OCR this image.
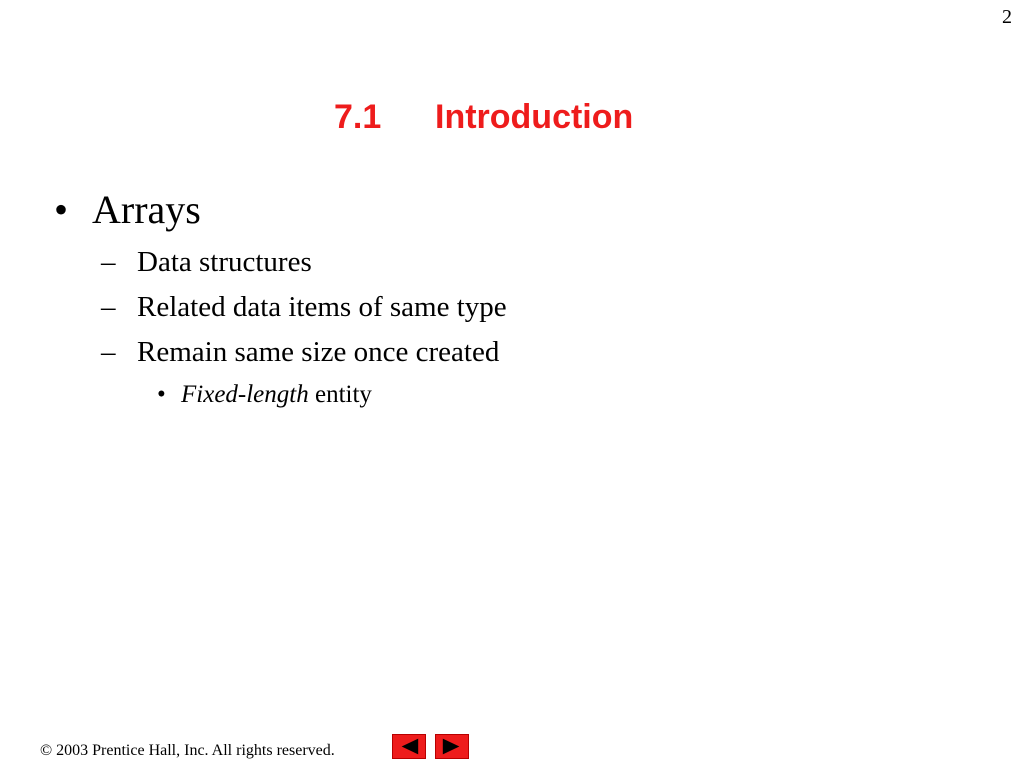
2
7.1 Introduction
• Arrays
– Data structures
– Related data items of same type
– Remain same size once created
• Fixed-length entity
© 2003 Prentice Hall, Inc. All rights reserved.
